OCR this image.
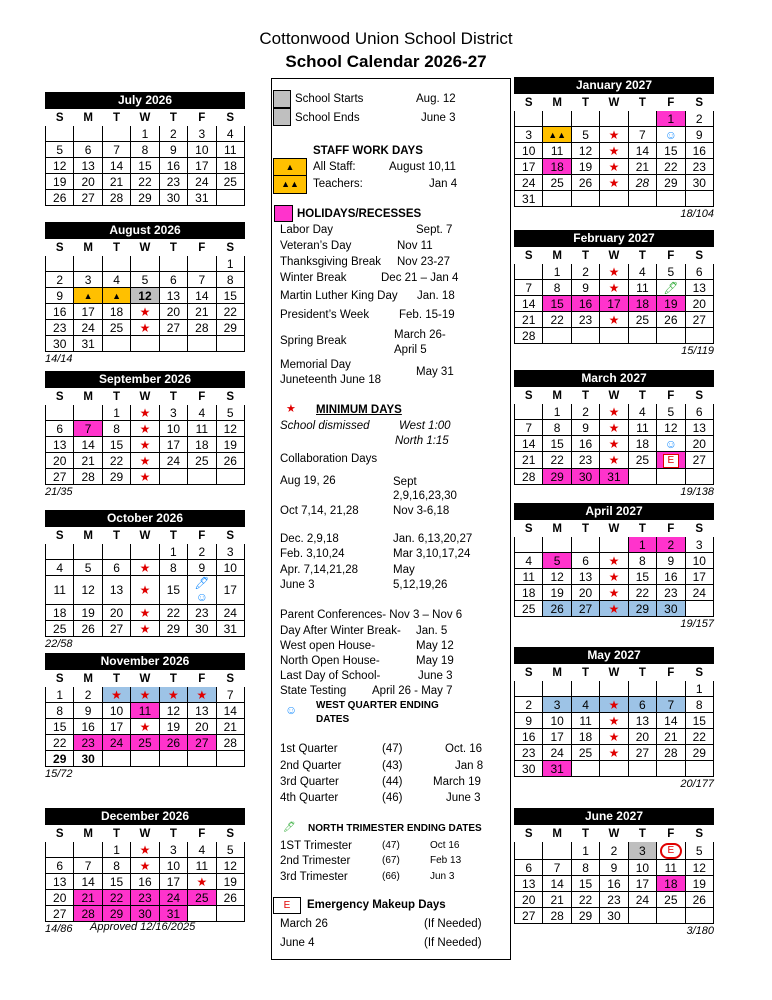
Cottonwood Union School District
School Calendar 2026-27
July 2026
S	M	T	W	T	F	S
			1	2	3	4
5	6	7	8	9	10	11
12	13	14	15	16	17	18
19	20	21	22	23	24	25
26	27	28	29	30	31	
August 2026
S	M	T	W	T	F	S
						1
2	3	4	5	6	7	8
9	▲	▲	12	13	14	15
16	17	18	★	20	21	22
23	24	25	★	27	28	29
30	31					
14/14
September 2026
S	M	T	W	T	F	S
		1	★	3	4	5
6	7	8	★	10	11	12
13	14	15	★	17	18	19
20	21	22	★	24	25	26
27	28	29	★			
21/35
October 2026
S	M	T	W	T	F	S
				1	2	3
4	5	6	★	8	9	10
11	12	13	★	15	🖊☺	17
18	19	20	★	22	23	24
25	26	27	★	29	30	31
22/58
November 2026
S	M	T	W	T	F	S
1	2	★	★	★	★	7
8	9	10	11	12	13	14
15	16	17	★	19	20	21
22	23	24	25	26	27	28
29	30					
15/72
December 2026
S	M	T	W	T	F	S
		1	★	3	4	5
6	7	8	★	10	11	12
13	14	15	16	17	★	19
20	21	22	23	24	25	26
27	28	29	30	31		
14/86
January 2027
S	M	T	W	T	F	S
					1	2
3	▲▲	5	★	7	☺	9
10	11	12	★	14	15	16
17	18	19	★	21	22	23
24	25	26	★	28	29	30
31						
18/104
February 2027
S	M	T	W	T	F	S
	1	2	★	4	5	6
7	8	9	★	11	🖊	13
14	15	16	17	18	19	20
21	22	23	★	25	26	27
28						
15/119
March 2027
S	M	T	W	T	F	S
	1	2	★	4	5	6
7	8	9	★	11	12	13
14	15	16	★	18	☺	20
21	22	23	★	25	E	27
28	29	30	31			
19/138
April 2027
S	M	T	W	T	F	S
				1	2	3
4	5	6	★	8	9	10
11	12	13	★	15	16	17
18	19	20	★	22	23	24
25	26	27	★	29	30	
19/157
May 2027
S	M	T	W	T	F	S
						1
2	3	4	★	6	7	8
9	10	11	★	13	14	15
16	17	18	★	20	21	22
23	24	25	★	27	28	29
30	31					
20/177
June 2027
S	M	T	W	T	F	S
		1	2	3	E	5
6	7	8	9	10	11	12
13	14	15	16	17	18	19
20	21	22	23	24	25	26
27	28	29	30			
3/180
Approved 12/16/2025
School Starts	Aug. 12
School Ends	June 3
STAFF WORK DAYS
▲	All Staff:	August 10,11
▲▲	Teachers:	Jan 4
HOLIDAYS/RECESSES
Labor Day	Sept. 7
Veteran’s Day	Nov 11
Thanksgiving Break Nov 23-27
Winter Break	Dec 21 – Jan 4
Martin Luther King Day Jan. 18
President’s Week	Feb. 15-19
Spring Break	March 26-
April 5
Memorial Day
Juneteenth June 18
May 31
★ MINIMUM DAYS
School dismissed	West 1:00
North 1:15
Collaboration Days
Aug 19, 26	Sept
2,9,16,23,30
Oct 7,14, 21,28	Nov 3-6,18
Dec. 2,9,18	Jan. 6,13,20,27
Feb. 3,10,24	Mar 3,10,17,24
Apr. 7,14,21,28	May
June 3	5,12,19,26
Parent Conferences- Nov 3 – Nov 6
Day After Winter Break- Jan. 5
West open House-	May 12
North Open House-	May 19
Last Day of School-	June 3
State Testing April 26 - May 7
☺ WEST QUARTER ENDING
DATES
1st Quarter	(47)	Oct. 16
2nd Quarter	(43)	Jan 8
3rd Quarter	(44)	March 19
4th Quarter	(46)	June 3
🖊 NORTH TRIMESTER ENDING DATES
1ST Trimester	(47)	Oct 16
2nd Trimester	(67)	Feb 13
3rd Trimester	(66)	Jun 3
E	Emergency Makeup Days
March 26	(If Needed)
June 4	(If Needed)
